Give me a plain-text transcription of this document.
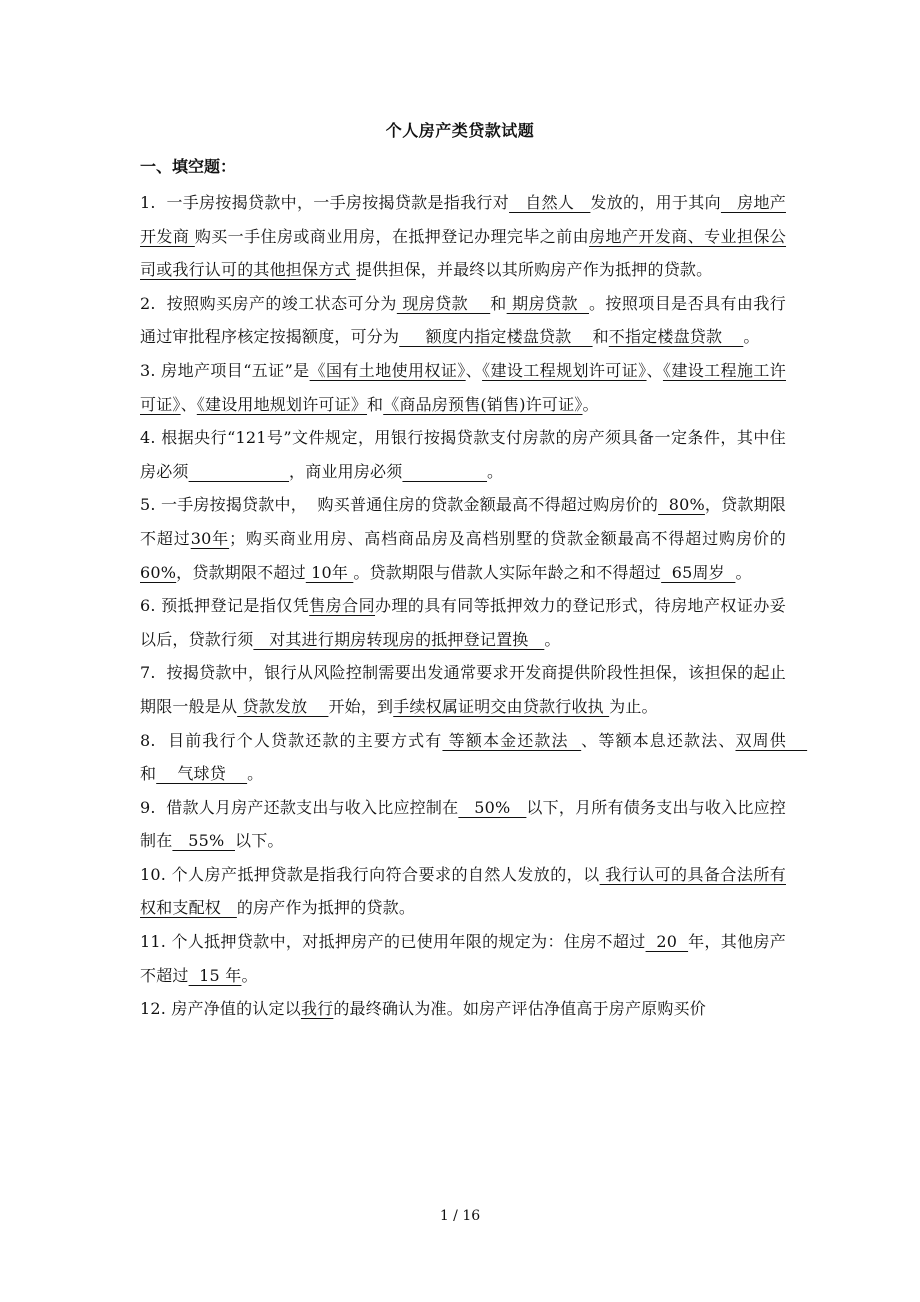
个人房产类贷款试题
一、填空题：

1.  一手房按揭贷款中，一手房按揭贷款是指我行对   自然人   发放的，用于其向   房地产开发商 购买一手住房或商业用房，在抵押登记办理完毕之前由房地产开发商、专业担保公司或我行认可的其他担保方式 提供担保，并最终以其所购房产作为抵押的贷款。

2.  按照购买房产的竣工状态可分为 现房贷款    和 期房贷款  。按照项目是否具有由我行通过审批程序核定按揭额度，可分为     额度内指定楼盘贷款    和不指定楼盘贷款    。

3. 房地产项目“五证”是《国有土地使用权证》、《建设工程规划许可证》、《建设工程施工许可证》、《建设用地规划许可证》和《商品房预售(销售)许可证》。

4. 根据央行“121号”文件规定，用银行按揭贷款支付房款的房产须具备一定条件，其中住房必须	，商业用房必须	。

5. 一手房按揭贷款中，  购买普通住房的贷款金额最高不得超过购房价的  80%，贷款期限不超过30年；购买商业用房、高档商品房及高档别墅的贷款金额最高不得超过购房价的60%，贷款期限不超过 10年 。贷款期限与借款人实际年龄之和不得超过  65周岁  。

6. 预抵押登记是指仅凭售房合同办理的具有同等抵押效力的登记形式，待房地产权证办妥以后，贷款行须   对其进行期房转现房的抵押登记置换   。

7.  按揭贷款中，银行从风险控制需要出发通常要求开发商提供阶段性担保，该担保的起止期限一般是从 贷款发放    开始，到手续权属证明交由贷款行收执 为止。

8.  目前我行个人贷款还款的主要方式有 等额本金还款法  、等额本息还款法、双周供    和    气球贷    。

9.  借款人月房产还款支出与收入比应控制在   50%   以下，月所有债务支出与收入比应控制在   55%  以下。

10. 个人房产抵押贷款是指我行向符合要求的自然人发放的，以 我行认可的具备合法所有权和支配权   的房产作为抵押的贷款。

11. 个人抵押贷款中，对抵押房产的已使用年限的规定为：住房不超过  20  年，其他房产不超过  15 年。

12. 房产净值的认定以我行的最终确认为准。如房产评估净值高于房产原购买价

1 / 16
